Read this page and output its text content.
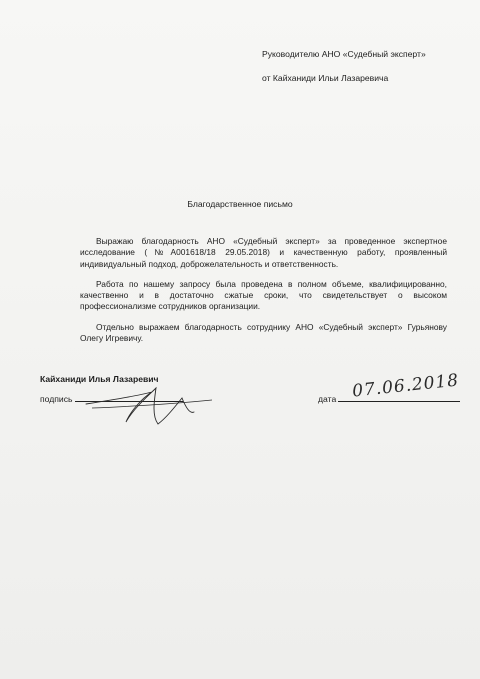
Руководителю АНО «Судебный эксперт»
от Кайханиди Ильи Лазаревича
Благодарственное письмо

Выражаю благодарность АНО «Судебный эксперт» за проведенное экспертное исследование (№А001618/18 29.05.2018) и качественную работу, проявленный индивидуальный подход, доброжелательность и ответственность.

Работа по нашему запросу была проведена в полном объеме, квалифицированно, качественно и в достаточно сжатые сроки, что свидетельствует о высоком профессионализме сотрудников организации.

Отдельно выражаем благодарность сотруднику АНО «Судебный эксперт» Гурьянову Олегу Игревичу.

Кайханиди Илья Лазаревич
подпись	дата 07.06.2018
